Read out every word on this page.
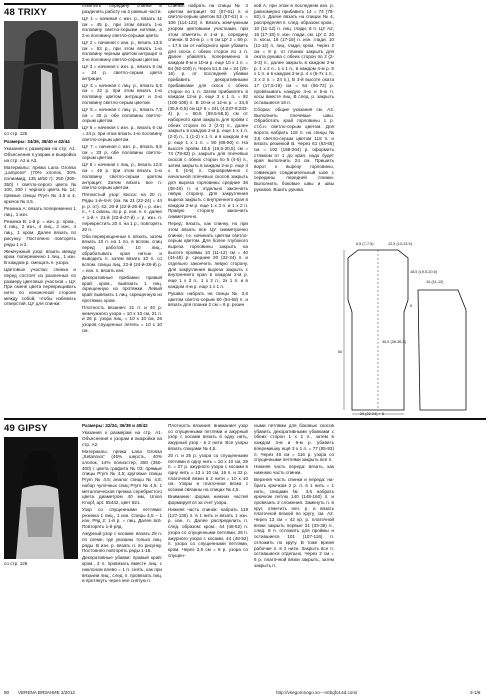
48 TRIXY
со стр. 125

Размеры: 34/36, 38/40 и 42/44

Указания к размерам на стр. А1. Объяснения к узорам и выкройка на стр. А2 и А3.

Материалы: пряжа Lana Grossa „Lampone“ (70% хлопок, 30% полиамид, 135 м/50 г): 250 (300-350) г светло-серого цвета № 100, 200 г черного цвета № 14; прямые спицы Prym № 3,5 и 4, крючок № 3,5.

Резинка А: вязать попеременно 1 лиц., 1 изн.

Резинка В: 1-й р. = изн. р.: кром., 4 лиц., 2 изн., 4 лиц., 2 изн., 4 лиц., 1 кром. Далее вязать по рисунку. Постоянно повторять ряды 1 и 2.

Жемчужный узор: вязать между кром. попеременно 1 лиц., 1 изн. В каждом р. смещать п. узора.

Цветовые участки: спинка и перед состоят из различных по размеру цветовых участков = ЦУ. При смене цвета перекрещивать нити по изнаночной стороне между собой, чтобы избежать отверстий. ЦУ для спинки:

отметить середину спинки и разделить работу на 2 равные части.

ЦУ 1 = начиная с изн. р., вязать 11 см = 45 р., при этом вязать 1-ю половину светло-серыми нитями, а 2-ю половину светло-серыми цвета.

ЦУ 2 = начиная с изн. р., вязать 13,5 см = 53 р., при этом вязать 1-ю половину черным цветом антрацит и 2-ю половину светло-серым цветом.

ЦУ 3 = начиная с изн. р., вязать 6 см = 24 р. светло-серым цвета антрацит.

ЦУ 4 = начиная с лиц. р., вязать 5,5 см = 22 р. при этом вязать 1-ю половину цветом антрацит и 2-ю половину светло-серым цветом.

ЦУ 5 = начиная с лиц. р., вязать 7,5 см = 30 р. обе половины светло-серым цветом.

ЦУ 6 = начиная с изн. р., вязать 6 см = 24 р. при этом вязать 1-ю половину светло-серым цветом.

ЦУ 7 = начиная с изн. р., вязать 8,5 см = 33 р. обе половины светло-серым цветом.

ЦУ 8 = начиная с лиц. р., вязать 12,5 см = 49 р. при этом вязать 1-ю половину светло-серым цветом антрацит. Затем вязать все п. светло-серым цветом.

Пятнистый узор: Кисса: на 20 п. Ряды 1-й–8-й: (см. № 21 (22-24) = 44 р. р. от). 42, 20-й (22-й-26-й) = р. изн. п., + 1 сквозь. по р. р. изн. п. п. далее + 1-й + 21-й (23-й-27-й) = р. изн. п. перекрестить 20 п. на 1 р.; повторять 20 п.

Оба перекрещенных п. вязать, затем вязать 10 п. на 1 по, в вспом. спиц перед работой, 10 лиц., обрабатывать края нитью и выводить п. затем вязать 10 п. со вспом. спицы лиц. 22-й (24-й-28-й) р. = изн. п. вязать изн.

Декоративные прибавки: правый край: кром., вывязать 1 лиц. скрещенную из протяжки. Левый край: вывязать 1 лиц. скрещенную из протяжки, кром.

Плотность вязания: 21 п. и 40 р. жемчужного узора = 10 х 10 см, 21 п. и 26 р. узора лиц. = 10 х 10 см, 26 узоров спущенных петель = 10 х 10 см.

Спинка: набрать на спицы № 4 цветом антрацит 53 (57-61) п. и светло-серым цветом 53 (57-61) п. = 106 (114-122) п. Вязать жемчужным узором цветовыми участками, при этом отметить в 1-м р. середину спинки. В 24-м р. = 6 см ЦУ 2 = 69 р. = 17,5 см от наборного края убавить для скоса с обеих сторон по 1 п. Далее убавлять попеременно в каждом 8-м и 10-м р. еще 10 x 1 п. = 84 (92-100) п. Через 51,5 см = 24 (20-16) р. от последней убавки прибавить декоративными прибавками для скоса с обеих сторон по 1 п. Затем прибавлять в каждом 12-м р. еще 3 x 1 п. = 92 (100-108) п. В 10-м и 12-м р. = 34,5 (35,5-0,5) см ЦУ 8 = 241 (4:237-8:233-4) р. = 60,5 (59,5-58,5) см от наборного края закрыть для пройм с обеих сторон по 2 (2-3) п., далее закрыть в каждом 2-м р. еще 1 x 1 п. (2-2) п., 1 (1-2) x 1 п. и в каждом 4-м р. еще 1 x 1 п. = 80 (86-90) п. На высоте пройм 18,5 (19,5-20,5) см = 74 (78-82) р. закрыть для плечевых скосов с обеих сторон по 5 (4-5) п., затем закрыть в каждом 2-м р. еще 4 x 5 (4-5) п. Одновременно с начальной плечевых скосов закрыть для выреза горловины средние 36 (38-40) п. и отдельно закончить левую сторону. Для закругления выреза закрыть с внутреннего края в каждом 2-м р. еще 1 x 3 п. и 1 x 2 п. Правую сторону закончить симметрично.

Перед: вязать, как спинку, но при этом вязать все ЦУ симметрично спинке, т.е. начинать цветом светло-серым цветом. Для более глубокого выреза горловины закрыть на высоте проймы 10 (11-12) см = 40 (44-48) р. средние 30 (32-34) п. и отдельно закончить левую сторону. Для закругления выреза закрыть с внутреннего края в каждом 2-м р. еще 1 x 3 п., 1 x 2 п., 2x 1 п. и в каждом 4-м р. еще 1 x 1 п.

Рукава: набрать на спицы № 3,5 цветом светло-серым 60 (64-68) п. и вязать для планки 2 см = 8 р. резин

кой А, при этом в последнем изн. р. равномерно прибавить 14 = 74 (78-82) п. Далее вязать на спицах № 4, распределяя п. след. образом: кром., 10 (11-12) п. лиц. глади, 6 п. ЦУ А2, 16 (17-18) п. изн. глади, см. ЦУ 2, 20 п. косы, 16 (17-18) п. изн. глади, 10 (11-12) п. лиц. глади, кром. Через 2 см = 8 р. от планки закрыть для оката рукава с обеих сторон по 2 (2-3-3) п., далее закрыть в каждом 2-м р. 1 x 2 п., 1 x 1 п., в каждом 4-м р. 5 x 1 п. и в каждом 2-м р. 4 x (5-7x 1 п., 3 x 2 п. = 24 п.), В 3-й высоте оката 17 (17,5-19) см = 64 (66-72) р. провязывать каждую 4-ю и 5-ю п. косы вместе лиц. В след. р. закрыть оставшиеся 18 п.

Сборка: общие указания см. А3. Выполнить плечевые швы. Обработать край горловины 1 р. ст.б.н. светло-серым цветом. Для ворота набрать 118 п. на спицы № 3,5 светло-серым цветом 118 п. и вязать резинкой В. Через 61 (63-65) см = 192 (198-204) р. оформить стяжком от 1 до края, надо будет края выполнить 24 см. Пришить ворот к вырезу горловины, совмещая соединительный шов с середины передней спинки. Выполнить боковые швы и швы рукавов. Вшить рукава.

6,5 (7-7,5)	12,5 (13-13,5)
18,5 (19,5-20,5)
5
10-(11-12)
20 (22-24) + 5
60
35,5 (36-36,5)
49 GIPSY
со стр. 126

Размеры: 32/34, 36/38 и 40/42

Указания к размерам на стр. А1. Объяснения к узорам и выкройка на стр. А2.

Материалы: пряжа Lana Grossa „Setanova“ (46% шерсть, 40% хлопок, 14% полиэстер, 350 (350-400) г цвета графита № 03; прямые спицы Prym № 4,5; круговые спицы Prym № 4,5; аналог спицы № 4,5; набор чулочных спиц Prym № 4,5; 1 металлическая пряжка серебристого цвета диаметром 40 мм, Union Knopf, арт. 55442, цвет 821.

Узор со спущенными петлями: резинка 1 лиц., 1 изн. Спицы 4,5 – 1 изн. Ряд 2: 1-й р. = лиц. Далее всё. Повторять 1-й-ряд.

Ажурный узор с косами: вязать 29 п. по схеме, где указаны только лиц. ряды. В изн. р. вязать п. по рисунку, Постоянно повторять ряды 1-16.

Декоративные убавки: правый край: кром., 2 п. провязать вместе лиц. с наклоном влево = 1 п. снять, как при вязании лиц., след. п. провязать лиц. и протянуть через нее снятую п.

Плотность вязания: внимание! узор со спущенными петлями и ажурный узор с косами вязать в одну нить, ажурный узор - в 2 нити. Все узоры вязать спицами № 4,5.

20 п. и 25 р. узора со спущенными петлями в одну нить = 10 х 10 см, 29 п. = 27 р. ажурного узора с косами в одну нить = 13 х 10 см, 16 п. и 32 р. платочной вязки в 2 нити = 10 х 10 см. Узоры и платочная вязка с косами связаны на спицах № 4,5.

Внимание: форма нижних частей формируется за счет узора.

Нижняя часть спинки: набрать 119 (127-135) п. в 1 нить и вязать 1 изн. р. изн. п. Далее распределить п. след. образом: кром., 44 (48-52) п. узора со спущенными петлями, 29 п. ажурного узора с косами, 44 (48-52) п. узора со спущенными петлями, кром. Через 3,5 см = 8 р. узора со спущен-

ными петлями для боковых скосов убавить декоративными убавками с обеих сторон 1 x 1 п., затем в каждом 4-м и 6-м р. убавить вперемешку ещё 3 x 1 п. = 77 (85-93) п. Через 46 см = 116 р. узора со спущенными петлями закрыть все п.

Нижняя часть переда: вязать, как нижнюю часть спинки.

Верхняя часть спинки и переда: на-брать крючком 2 p. п. в 1 нить = 1 нить, спицами № 4,5 набрать крючком петлю 140 (148-160) п. и провязать 2 сложения. Замкнуть п. в круг, отметить нач. р. и вязать платочной вязкой по кругу, см. А2. Через 13 см = 42 кр. р. платочной вязки закрыть первые 31 (33-36) п., след. 8 п. отложить для проймы и оставшиеся 101 (107-116) п. отложить по кругу. В тоже время рабочие п. в 2 нити. Закрыть все п. оставшиеся отдельно. Через 2 см = 6 р. платочной вязки закрыть, затем закрыть п.

90 VERENA ВЯЗАНИЕ 2/2012	http://vsegomnogo.xn---mtbqfo14d.com/	3-1/8
